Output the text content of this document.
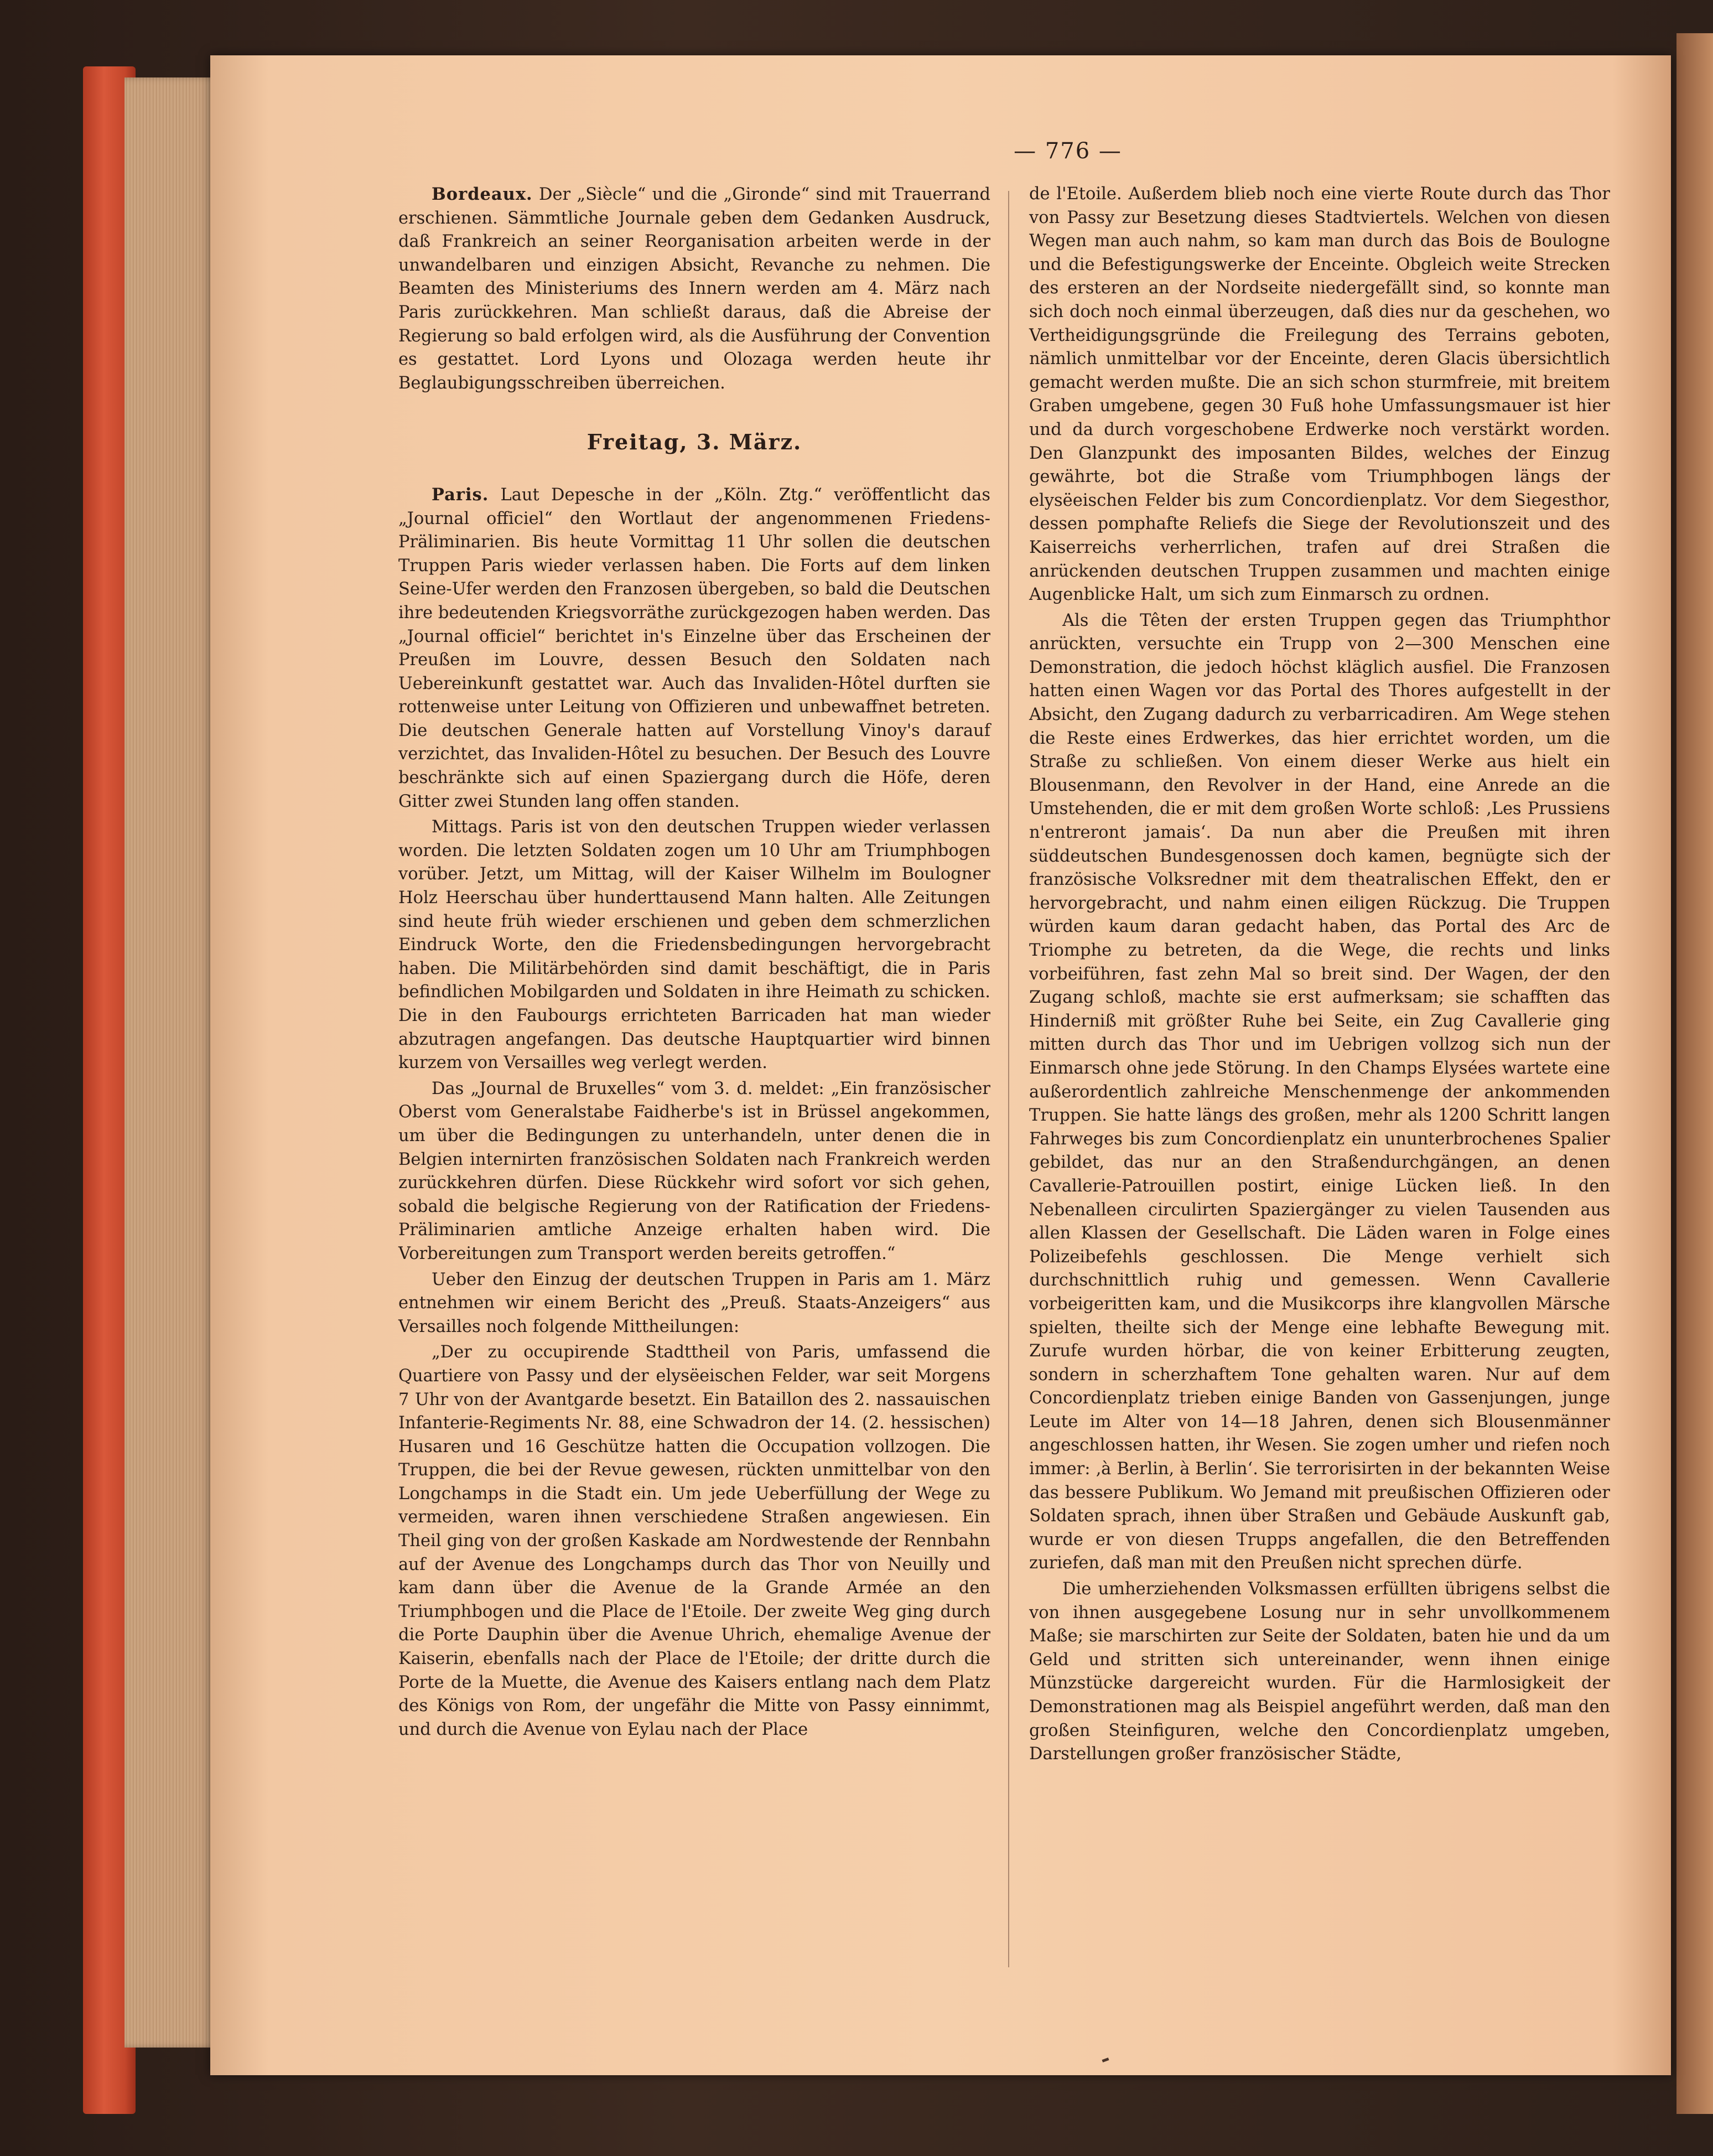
— 776 —

Bordeaux. Der „Siècle“ und die „Gironde“ sind mit Trauerrand erschienen. Sämmtliche Journale geben dem Gedanken Ausdruck, daß Frankreich an seiner Reorganisation arbeiten werde in der unwandelbaren und einzigen Absicht, Revanche zu nehmen. Die Beamten des Ministeriums des Innern werden am 4. März nach Paris zurückkehren. Man schließt daraus, daß die Abreise der Regierung so bald erfolgen wird, als die Ausführung der Convention es gestattet. Lord Lyons und Olozaga werden heute ihr Beglaubigungsschreiben überreichen.

Freitag, 3. März.

Paris. Laut Depesche in der „Köln. Ztg.“ veröffentlicht das „Journal officiel“ den Wortlaut der angenommenen Friedens-Präliminarien. Bis heute Vormittag 11 Uhr sollen die deutschen Truppen Paris wieder verlassen haben. Die Forts auf dem linken Seine-Ufer werden den Franzosen übergeben, so bald die Deutschen ihre bedeutenden Kriegsvorräthe zurückgezogen haben werden. Das „Journal officiel“ berichtet in's Einzelne über das Erscheinen der Preußen im Louvre, dessen Besuch den Soldaten nach Uebereinkunft gestattet war. Auch das Invaliden-Hôtel durften sie rottenweise unter Leitung von Offizieren und unbewaffnet betreten. Die deutschen Generale hatten auf Vorstellung Vinoy's darauf verzichtet, das Invaliden-Hôtel zu besuchen. Der Besuch des Louvre beschränkte sich auf einen Spaziergang durch die Höfe, deren Gitter zwei Stunden lang offen standen.

Mittags. Paris ist von den deutschen Truppen wieder verlassen worden. Die letzten Soldaten zogen um 10 Uhr am Triumphbogen vorüber. Jetzt, um Mittag, will der Kaiser Wilhelm im Boulogner Holz Heerschau über hunderttausend Mann halten. Alle Zeitungen sind heute früh wieder erschienen und geben dem schmerzlichen Eindruck Worte, den die Friedensbedingungen hervorgebracht haben. Die Militärbehörden sind damit beschäftigt, die in Paris befindlichen Mobilgarden und Soldaten in ihre Heimath zu schicken. Die in den Faubourgs errichteten Barricaden hat man wieder abzutragen angefangen. Das deutsche Hauptquartier wird binnen kurzem von Versailles weg verlegt werden.

Das „Journal de Bruxelles“ vom 3. d. meldet: „Ein französischer Oberst vom Generalstabe Faidherbe's ist in Brüssel angekommen, um über die Bedingungen zu unterhandeln, unter denen die in Belgien internirten französischen Soldaten nach Frankreich werden zurückkehren dürfen. Diese Rückkehr wird sofort vor sich gehen, sobald die belgische Regierung von der Ratification der Friedens-Präliminarien amtliche Anzeige erhalten haben wird. Die Vorbereitungen zum Transport werden bereits getroffen.“

Ueber den Einzug der deutschen Truppen in Paris am 1. März entnehmen wir einem Bericht des „Preuß. Staats-Anzeigers“ aus Versailles noch folgende Mittheilungen:

„Der zu occupirende Stadttheil von Paris, umfassend die Quartiere von Passy und der elysëeischen Felder, war seit Morgens 7 Uhr von der Avantgarde besetzt. Ein Bataillon des 2. nassauischen Infanterie-Regiments Nr. 88, eine Schwadron der 14. (2. hessischen) Husaren und 16 Geschütze hatten die Occupation vollzogen. Die Truppen, die bei der Revue gewesen, rückten unmittelbar von den Longchamps in die Stadt ein. Um jede Ueberfüllung der Wege zu vermeiden, waren ihnen verschiedene Straßen angewiesen. Ein Theil ging von der großen Kaskade am Nordwestende der Rennbahn auf der Avenue des Longchamps durch das Thor von Neuilly und kam dann über die Avenue de la Grande Armée an den Triumphbogen und die Place de l'Etoile. Der zweite Weg ging durch die Porte Dauphin über die Avenue Uhrich, ehemalige Avenue der Kaiserin, ebenfalls nach der Place de l'Etoile; der dritte durch die Porte de la Muette, die Avenue des Kaisers entlang nach dem Platz des Königs von Rom, der ungefähr die Mitte von Passy einnimmt, und durch die Avenue von Eylau nach der Place

de l'Etoile. Außerdem blieb noch eine vierte Route durch das Thor von Passy zur Besetzung dieses Stadtviertels. Welchen von diesen Wegen man auch nahm, so kam man durch das Bois de Boulogne und die Befestigungswerke der Enceinte. Obgleich weite Strecken des ersteren an der Nordseite niedergefällt sind, so konnte man sich doch noch einmal überzeugen, daß dies nur da geschehen, wo Vertheidigungsgründe die Freilegung des Terrains geboten, nämlich unmittelbar vor der Enceinte, deren Glacis übersichtlich gemacht werden mußte. Die an sich schon sturmfreie, mit breitem Graben umgebene, gegen 30 Fuß hohe Umfassungsmauer ist hier und da durch vorgeschobene Erdwerke noch verstärkt worden. Den Glanzpunkt des imposanten Bildes, welches der Einzug gewährte, bot die Straße vom Triumphbogen längs der elysëeischen Felder bis zum Concordienplatz. Vor dem Siegesthor, dessen pomphafte Reliefs die Siege der Revolutionszeit und des Kaiserreichs verherrlichen, trafen auf drei Straßen die anrückenden deutschen Truppen zusammen und machten einige Augenblicke Halt, um sich zum Einmarsch zu ordnen.

Als die Têten der ersten Truppen gegen das Triumphthor anrückten, versuchte ein Trupp von 2—300 Menschen eine Demonstration, die jedoch höchst kläglich ausfiel. Die Franzosen hatten einen Wagen vor das Portal des Thores aufgestellt in der Absicht, den Zugang dadurch zu verbarricadiren. Am Wege stehen die Reste eines Erdwerkes, das hier errichtet worden, um die Straße zu schließen. Von einem dieser Werke aus hielt ein Blousenmann, den Revolver in der Hand, eine Anrede an die Umstehenden, die er mit dem großen Worte schloß: ‚Les Prussiens n'entreront jamais‘. Da nun aber die Preußen mit ihren süddeutschen Bundesgenossen doch kamen, begnügte sich der französische Volksredner mit dem theatralischen Effekt, den er hervorgebracht, und nahm einen eiligen Rückzug. Die Truppen würden kaum daran gedacht haben, das Portal des Arc de Triomphe zu betreten, da die Wege, die rechts und links vorbeiführen, fast zehn Mal so breit sind. Der Wagen, der den Zugang schloß, machte sie erst aufmerksam; sie schafften das Hinderniß mit größter Ruhe bei Seite, ein Zug Cavallerie ging mitten durch das Thor und im Uebrigen vollzog sich nun der Einmarsch ohne jede Störung. In den Champs Elysées wartete eine außerordentlich zahlreiche Menschenmenge der ankommenden Truppen. Sie hatte längs des großen, mehr als 1200 Schritt langen Fahrweges bis zum Concordienplatz ein ununterbrochenes Spalier gebildet, das nur an den Straßendurchgängen, an denen Cavallerie-Patrouillen postirt, einige Lücken ließ. In den Nebenalleen circulirten Spaziergänger zu vielen Tausenden aus allen Klassen der Gesellschaft. Die Läden waren in Folge eines Polizeibefehls geschlossen. Die Menge verhielt sich durchschnittlich ruhig und gemessen. Wenn Cavallerie vorbeigeritten kam, und die Musikcorps ihre klangvollen Märsche spielten, theilte sich der Menge eine lebhafte Bewegung mit. Zurufe wurden hörbar, die von keiner Erbitterung zeugten, sondern in scherzhaftem Tone gehalten waren. Nur auf dem Concordienplatz trieben einige Banden von Gassenjungen, junge Leute im Alter von 14—18 Jahren, denen sich Blousenmänner angeschlossen hatten, ihr Wesen. Sie zogen umher und riefen noch immer: ‚à Berlin, à Berlin‘. Sie terrorisirten in der bekannten Weise das bessere Publikum. Wo Jemand mit preußischen Offizieren oder Soldaten sprach, ihnen über Straßen und Gebäude Auskunft gab, wurde er von diesen Trupps angefallen, die den Betreffenden zuriefen, daß man mit den Preußen nicht sprechen dürfe.

Die umherziehenden Volksmassen erfüllten übrigens selbst die von ihnen ausgegebene Losung nur in sehr unvollkommenem Maße; sie marschirten zur Seite der Soldaten, baten hie und da um Geld und stritten sich untereinander, wenn ihnen einige Münzstücke dargereicht wurden. Für die Harmlosigkeit der Demonstrationen mag als Beispiel angeführt werden, daß man den großen Steinfiguren, welche den Concordienplatz umgeben, Darstellungen großer französischer Städte,
